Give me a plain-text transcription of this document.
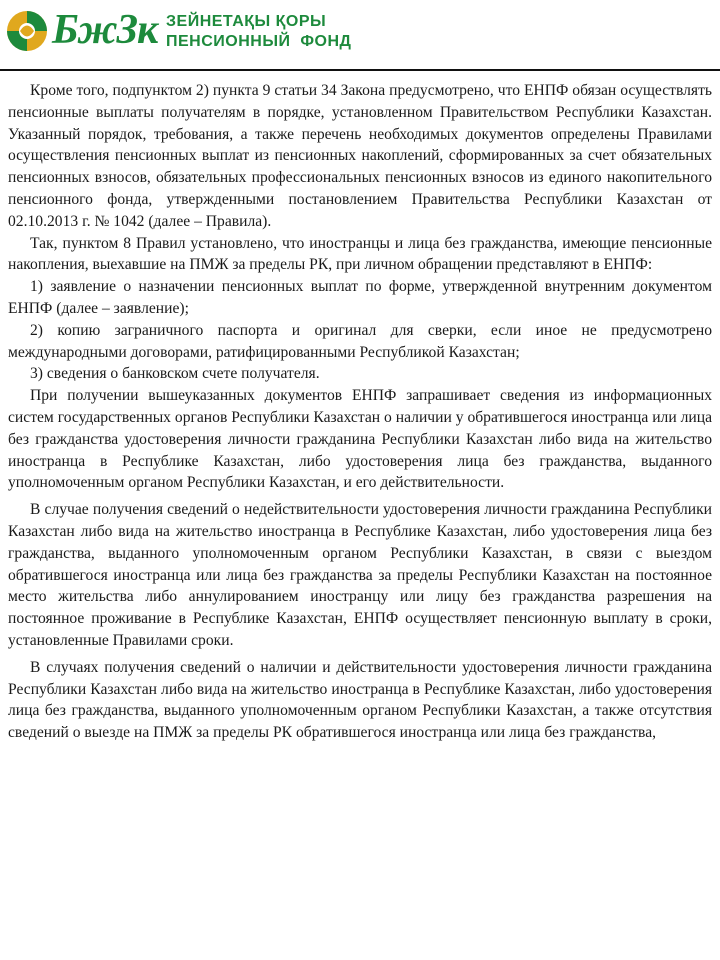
БжЗк ЗЕЙНЕТАҚЫ ҚОРЫ
ПЕНСИОННЫЙ  ФОНД

Кроме того, подпунктом 2) пункта 9 статьи 34 Закона предусмотрено, что ЕНПФ обязан осуществлять пенсионные выплаты получателям в порядке, установленном Правительством Республики Казахстан. Указанный порядок, требования, а также перечень необходимых документов определены Правилами осуществления пенсионных выплат из пенсионных накоплений, сформированных за счет обязательных пенсионных взносов, обязательных профессиональных пенсионных взносов из единого накопительного пенсионного фонда, утвержденными постановлением Правительства Республики Казахстан от 02.10.2013 г. № 1042 (далее – Правила).

Так, пунктом 8 Правил установлено, что иностранцы и лица без гражданства, имеющие пенсионные накопления, выехавшие на ПМЖ за пределы РК, при личном обращении представляют в ЕНПФ:

1) заявление о назначении пенсионных выплат по форме, утвержденной внутренним документом ЕНПФ (далее – заявление);

2) копию заграничного паспорта и оригинал для сверки, если иное не предусмотрено международными договорами, ратифицированными Республикой Казахстан;

3) сведения о банковском счете получателя.

При получении вышеуказанных документов ЕНПФ запрашивает сведения из информационных систем государственных органов Республики Казахстан о наличии у обратившегося иностранца или лица без гражданства удостоверения личности гражданина Республики Казахстан либо вида на жительство иностранца в Республике Казахстан, либо удостоверения лица без гражданства, выданного уполномоченным органом Республики Казахстан, и его действительности.

В случае получения сведений о недействительности удостоверения личности гражданина Республики Казахстан либо вида на жительство иностранца в Республике Казахстан, либо удостоверения лица без гражданства, выданного уполномоченным органом Республики Казахстан, в связи с выездом обратившегося иностранца или лица без гражданства за пределы Республики Казахстан на постоянное место жительства либо аннулированием иностранцу или лицу без гражданства разрешения на постоянное проживание в Республике Казахстан, ЕНПФ осуществляет пенсионную выплату в сроки, установленные Правилами сроки.

В случаях получения сведений о наличии и действительности удостоверения личности гражданина Республики Казахстан либо вида на жительство иностранца в Республике Казахстан, либо удостоверения лица без гражданства, выданного уполномоченным органом Республики Казахстан, а также отсутствия сведений о выезде на ПМЖ за пределы РК обратившегося иностранца или лица без гражданства,
